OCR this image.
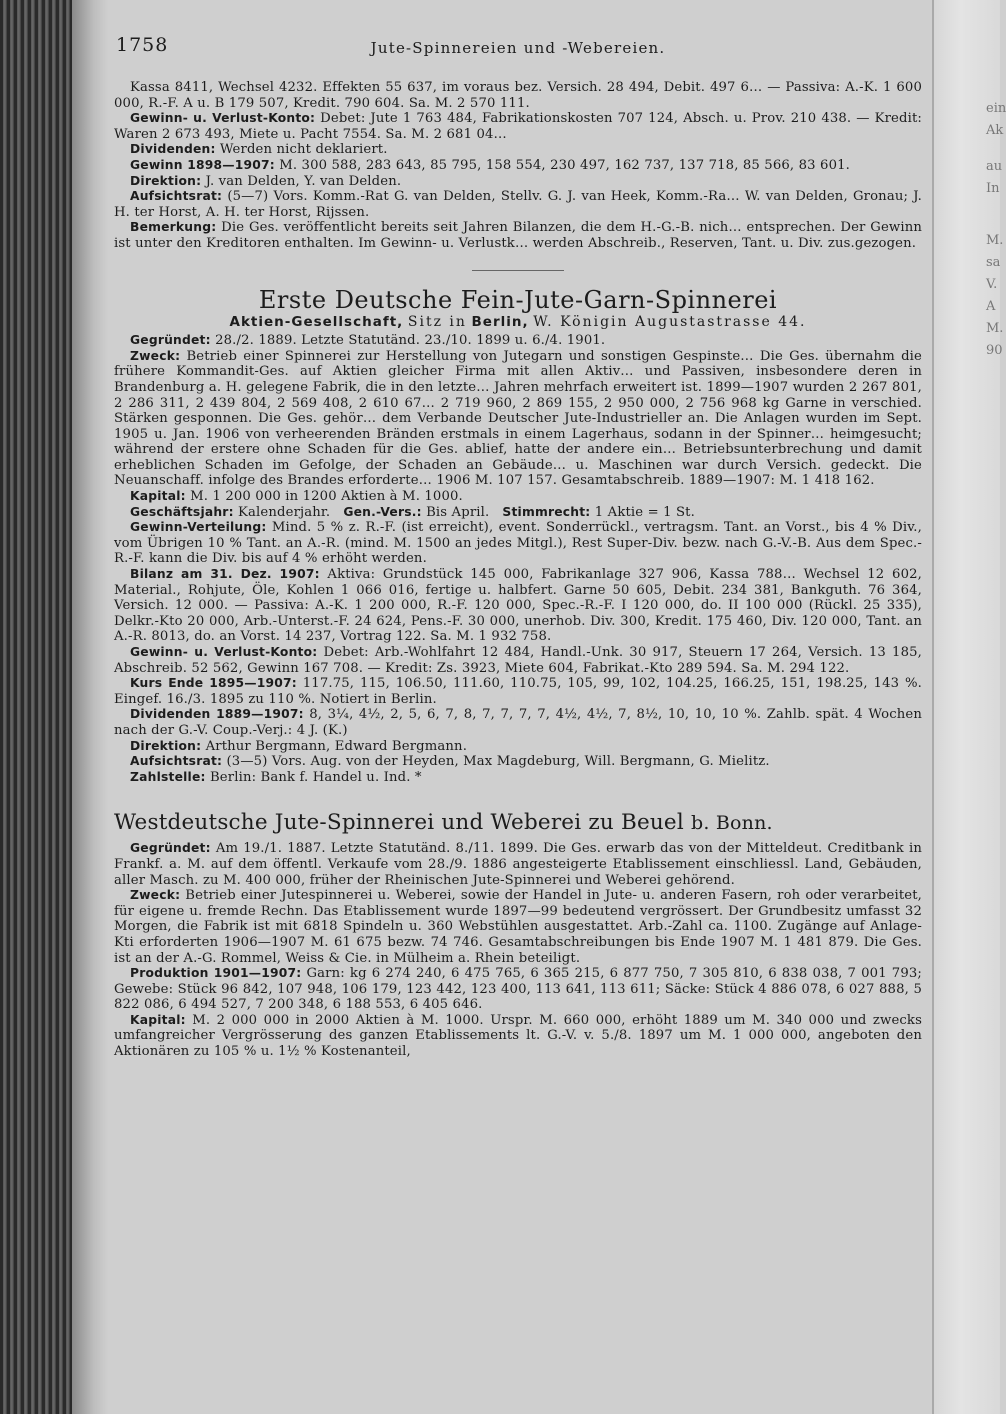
ein
Ak
au
In
M.
sa
V.
A
M.
90
1758	Jute-Spinnereien und -Webereien.

Kassa 8411, Wechsel 4232. Effekten 55 637, im voraus bez. Versich. 28 494, Debit. 497 6… — Passiva: A.-K. 1 600 000, R.-F. A u. B 179 507, Kredit. 790 604. Sa. M. 2 570 111.

Gewinn- u. Verlust-Konto: Debet: Jute 1 763 484, Fabrikationskosten 707 124, Absch. u. Prov. 210 438. — Kredit: Waren 2 673 493, Miete u. Pacht 7554. Sa. M. 2 681 04…

Dividenden: Werden nicht deklariert.

Gewinn 1898—1907: M. 300 588, 283 643, 85 795, 158 554, 230 497, 162 737, 137 718, 85 566, 83 601.

Direktion: J. van Delden, Y. van Delden.

Aufsichtsrat: (5—7) Vors. Komm.-Rat G. van Delden, Stellv. G. J. van Heek, Komm.-Ra… W. van Delden, Gronau; J. H. ter Horst, A. H. ter Horst, Rijssen.

Bemerkung: Die Ges. veröffentlicht bereits seit Jahren Bilanzen, die dem H.-G.-B. nich… entsprechen. Der Gewinn ist unter den Kreditoren enthalten. Im Gewinn- u. Verlustk… werden Abschreib., Reserven, Tant. u. Div. zus.gezogen.

Erste Deutsche Fein-Jute-Garn-Spinnerei
Aktien-Gesellschaft, Sitz in Berlin, W. Königin Augustastrasse 44.

Gegründet: 28./2. 1889. Letzte Statutänd. 23./10. 1899 u. 6./4. 1901.

Zweck: Betrieb einer Spinnerei zur Herstellung von Jutegarn und sonstigen Gespinste… Die Ges. übernahm die frühere Kommandit-Ges. auf Aktien gleicher Firma mit allen Aktiv… und Passiven, insbesondere deren in Brandenburg a. H. gelegene Fabrik, die in den letzte… Jahren mehrfach erweitert ist. 1899—1907 wurden 2 267 801, 2 286 311, 2 439 804, 2 569 408, 2 610 67… 2 719 960, 2 869 155, 2 950 000, 2 756 968 kg Garne in verschied. Stärken gesponnen. Die Ges. gehör… dem Verbande Deutscher Jute-Industrieller an. Die Anlagen wurden im Sept. 1905 u. Jan. 1906 von verheerenden Bränden erstmals in einem Lagerhaus, sodann in der Spinner… heimgesucht; während der erstere ohne Schaden für die Ges. ablief, hatte der andere ein… Betriebsunterbrechung und damit erheblichen Schaden im Gefolge, der Schaden an Gebäude… u. Maschinen war durch Versich. gedeckt. Die Neuanschaff. infolge des Brandes erforderte… 1906 M. 107 157. Gesamtabschreib. 1889—1907: M. 1 418 162.

Kapital: M. 1 200 000 in 1200 Aktien à M. 1000.

Geschäftsjahr: Kalenderjahr. Gen.-Vers.: Bis April. Stimmrecht: 1 Aktie = 1 St.

Gewinn-Verteilung: Mind. 5 % z. R.-F. (ist erreicht), event. Sonderrückl., vertragsm. Tant. an Vorst., bis 4 % Div., vom Übrigen 10 % Tant. an A.-R. (mind. M. 1500 an jedes Mitgl.), Rest Super-Div. bezw. nach G.-V.-B. Aus dem Spec.-R.-F. kann die Div. bis auf 4 % erhöht werden.

Bilanz am 31. Dez. 1907: Aktiva: Grundstück 145 000, Fabrikanlage 327 906, Kassa 788… Wechsel 12 602, Material., Rohjute, Öle, Kohlen 1 066 016, fertige u. halbfert. Garne 50 605, Debit. 234 381, Bankguth. 76 364, Versich. 12 000. — Passiva: A.-K. 1 200 000, R.-F. 120 000, Spec.-R.-F. I 120 000, do. II 100 000 (Rückl. 25 335), Delkr.-Kto 20 000, Arb.-Unterst.-F. 24 624, Pens.-F. 30 000, unerhob. Div. 300, Kredit. 175 460, Div. 120 000, Tant. an A.-R. 8013, do. an Vorst. 14 237, Vortrag 122. Sa. M. 1 932 758.

Gewinn- u. Verlust-Konto: Debet: Arb.-Wohlfahrt 12 484, Handl.-Unk. 30 917, Steuern 17 264, Versich. 13 185, Abschreib. 52 562, Gewinn 167 708. — Kredit: Zs. 3923, Miete 604, Fabrikat.-Kto 289 594. Sa. M. 294 122.

Kurs Ende 1895—1907: 117.75, 115, 106.50, 111.60, 110.75, 105, 99, 102, 104.25, 166.25, 151, 198.25, 143 %. Eingef. 16./3. 1895 zu 110 %. Notiert in Berlin.

Dividenden 1889—1907: 8, 3¼, 4½, 2, 5, 6, 7, 8, 7, 7, 7, 7, 4½, 4½, 7, 8½, 10, 10, 10 %. Zahlb. spät. 4 Wochen nach der G.-V. Coup.-Verj.: 4 J. (K.)

Direktion: Arthur Bergmann, Edward Bergmann.

Aufsichtsrat: (3—5) Vors. Aug. von der Heyden, Max Magdeburg, Will. Bergmann, G. Mielitz.

Zahlstelle: Berlin: Bank f. Handel u. Ind. *

Westdeutsche Jute-Spinnerei und Weberei zu Beuel b. Bonn.

Gegründet: Am 19./1. 1887. Letzte Statutänd. 8./11. 1899. Die Ges. erwarb das von der Mitteldeut. Creditbank in Frankf. a. M. auf dem öffentl. Verkaufe vom 28./9. 1886 angesteigerte Etablissement einschliessl. Land, Gebäuden, aller Masch. zu M. 400 000, früher der Rheinischen Jute-Spinnerei und Weberei gehörend.

Zweck: Betrieb einer Jutespinnerei u. Weberei, sowie der Handel in Jute- u. anderen Fasern, roh oder verarbeitet, für eigene u. fremde Rechn. Das Etablissement wurde 1897—99 bedeutend vergrössert. Der Grundbesitz umfasst 32 Morgen, die Fabrik ist mit 6818 Spindeln u. 360 Webstühlen ausgestattet. Arb.-Zahl ca. 1100. Zugänge auf Anlage-Kti erforderten 1906—1907 M. 61 675 bezw. 74 746. Gesamtabschreibungen bis Ende 1907 M. 1 481 879. Die Ges. ist an der A.-G. Rommel, Weiss & Cie. in Mülheim a. Rhein beteiligt.

Produktion 1901—1907: Garn: kg 6 274 240, 6 475 765, 6 365 215, 6 877 750, 7 305 810, 6 838 038, 7 001 793; Gewebe: Stück 96 842, 107 948, 106 179, 123 442, 123 400, 113 641, 113 611; Säcke: Stück 4 886 078, 6 027 888, 5 822 086, 6 494 527, 7 200 348, 6 188 553, 6 405 646.

Kapital: M. 2 000 000 in 2000 Aktien à M. 1000. Urspr. M. 660 000, erhöht 1889 um M. 340 000 und zwecks umfangreicher Vergrösserung des ganzen Etablissements lt. G.-V. v. 5./8. 1897 um M. 1 000 000, angeboten den Aktionären zu 105 % u. 1½ % Kostenanteil,
